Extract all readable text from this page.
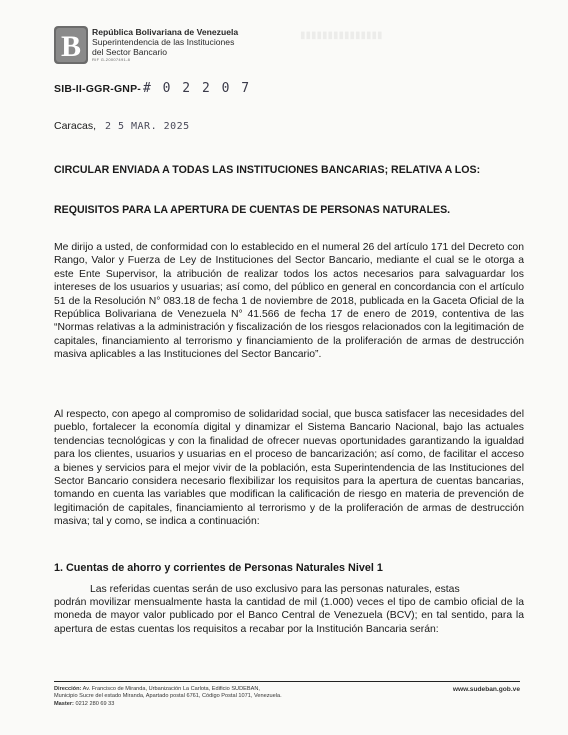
▮▮▮▮▮▮▮▮▮▮▮▮▮▮▮
B República Bolivariana de Venezuela
Superintendencia de las Instituciones
del Sector Bancario
RIF G-20007491-8
SIB-II-GGR-GNP- # 0 2 2 0 7
Caracas, 2 5 MAR. 2025
CIRCULAR ENVIADA A TODAS LAS INSTITUCIONES BANCARIAS; RELATIVA A LOS:
REQUISITOS PARA LA APERTURA DE CUENTAS DE PERSONAS NATURALES.
Me dirijo a usted, de conformidad con lo establecido en el numeral 26 del artículo 171 del Decreto con Rango, Valor y Fuerza de Ley de Instituciones del Sector Bancario, mediante el cual se le otorga a este Ente Supervisor, la atribución de realizar todos los actos necesarios para salvaguardar los intereses de los usuarios y usuarias; así como, del público en general en concordancia con el artículo 51 de la Resolución N° 083.18 de fecha 1 de noviembre de 2018, publicada en la Gaceta Oficial de la República Bolivariana de Venezuela N° 41.566 de fecha 17 de enero de 2019, contentiva de las “Normas relativas a la administración y fiscalización de los riesgos relacionados con la legitimación de capitales, financiamiento al terrorismo y financiamiento de la proliferación de armas de destrucción masiva aplicables a las Instituciones del Sector Bancario”.
Al respecto, con apego al compromiso de solidaridad social, que busca satisfacer las necesidades del pueblo, fortalecer la economía digital y dinamizar el Sistema Bancario Nacional, bajo las actuales tendencias tecnológicas y con la finalidad de ofrecer nuevas oportunidades garantizando la igualdad para los clientes, usuarios y usuarias en el proceso de bancarización; así como, de facilitar el acceso a bienes y servicios para el mejor vivir de la población, esta Superintendencia de las Instituciones del Sector Bancario considera necesario flexibilizar los requisitos para la apertura de cuentas bancarias, tomando en cuenta las variables que modifican la calificación de riesgo en materia de prevención de legitimación de capitales, financiamiento al terrorismo y de la proliferación de armas de destrucción masiva; tal y como, se indica a continuación:
1. Cuentas de ahorro y corrientes de Personas Naturales Nivel 1
Las referidas cuentas serán de uso exclusivo para las personas naturales, estas
podrán movilizar mensualmente hasta la cantidad de mil (1.000) veces el tipo de cambio oficial de la moneda de mayor valor publicado por el Banco Central de Venezuela (BCV); en tal sentido, para la apertura de estas cuentas los requisitos a recabar por la Institución Bancaria serán:
Dirección: Av. Francisco de Miranda, Urbanización La Carlota, Edificio SUDEBAN,
Municipio Sucre del estado Miranda, Apartado postal 6761, Código Postal 1071, Venezuela.
Master: 0212 280 69 33
www.sudeban.gob.ve
